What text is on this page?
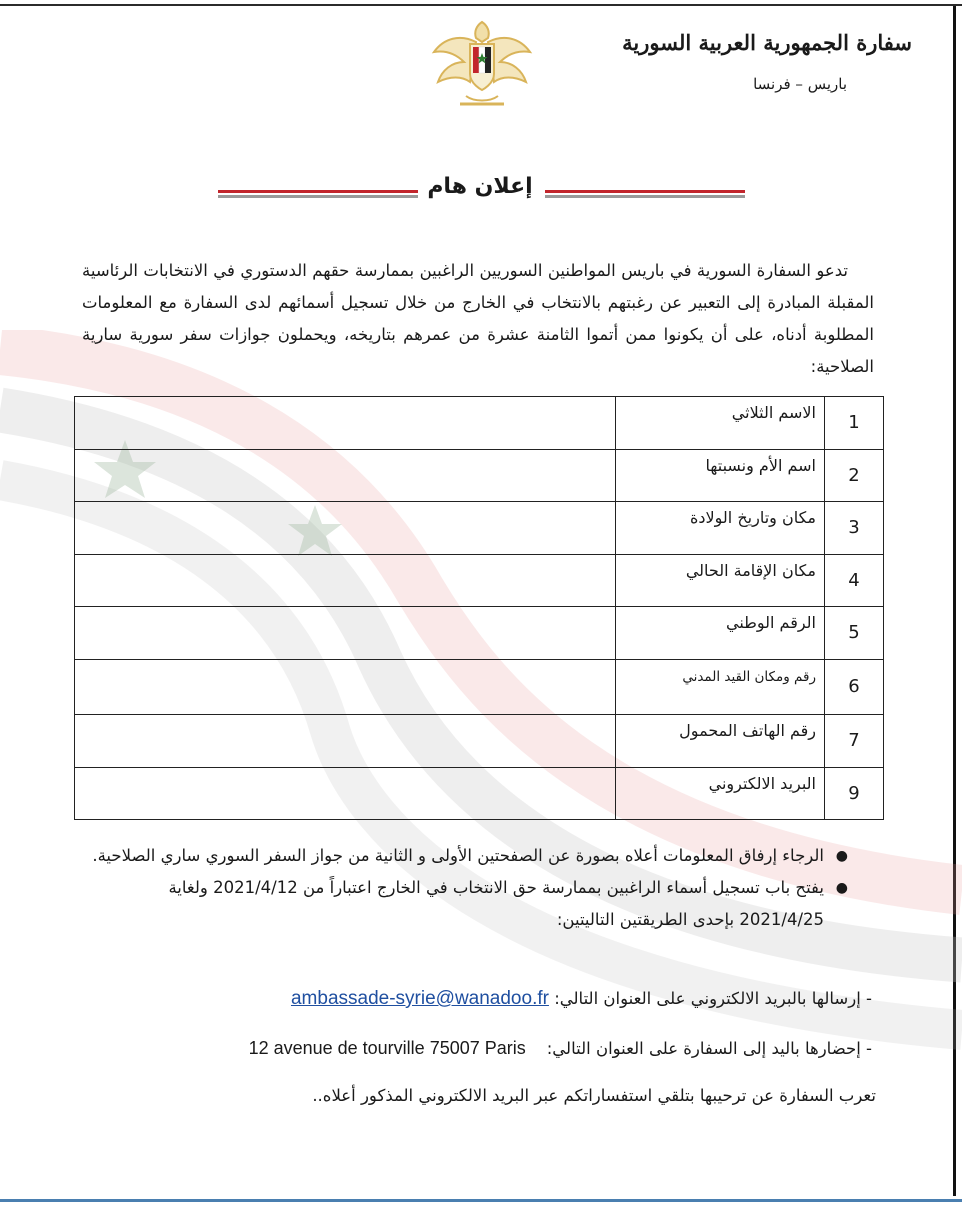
سفارة الجمهورية العربية السورية
باريس – فرنسا
إعلان هام
تدعو السفارة السورية في باريس المواطنين السوريين الراغبين بممارسة حقهم الدستوري في الانتخابات الرئاسية المقبلة المبادرة إلى التعبير عن رغبتهم بالانتخاب في الخارج من خلال تسجيل أسمائهم لدى السفارة مع المعلومات المطلوبة أدناه، على أن يكونوا ممن أتموا الثامنة عشرة من عمرهم بتاريخه، ويحملون جوازات سفر سورية سارية الصلاحية:
1	الاسم الثلاثي	
2	اسم الأم ونسبتها	
3	مكان وتاريخ الولادة	
4	مكان الإقامة الحالي	
5	الرقم الوطني	
6	رقم ومكان القيد المدني	
7	رقم الهاتف المحمول	
9	البريد الالكتروني	
●
الرجاء إرفاق المعلومات أعلاه بصورة عن الصفحتين الأولى و الثانية من جواز السفر السوري ساري الصلاحية.
●
يفتح باب تسجيل أسماء الراغبين بممارسة حق الانتخاب في الخارج اعتباراً من 2021/4/12 ولغاية 2021/4/25 بإحدى الطريقتين التاليتين:
- إرسالها بالبريد الالكتروني على العنوان التالي: ambassade-syrie@wanadoo.fr
- إحضارها باليد إلى السفارة على العنوان التالي:    12 avenue de tourville 75007 Paris
تعرب السفارة عن ترحيبها بتلقي استفساراتكم عبر البريد الالكتروني المذكور أعلاه..
